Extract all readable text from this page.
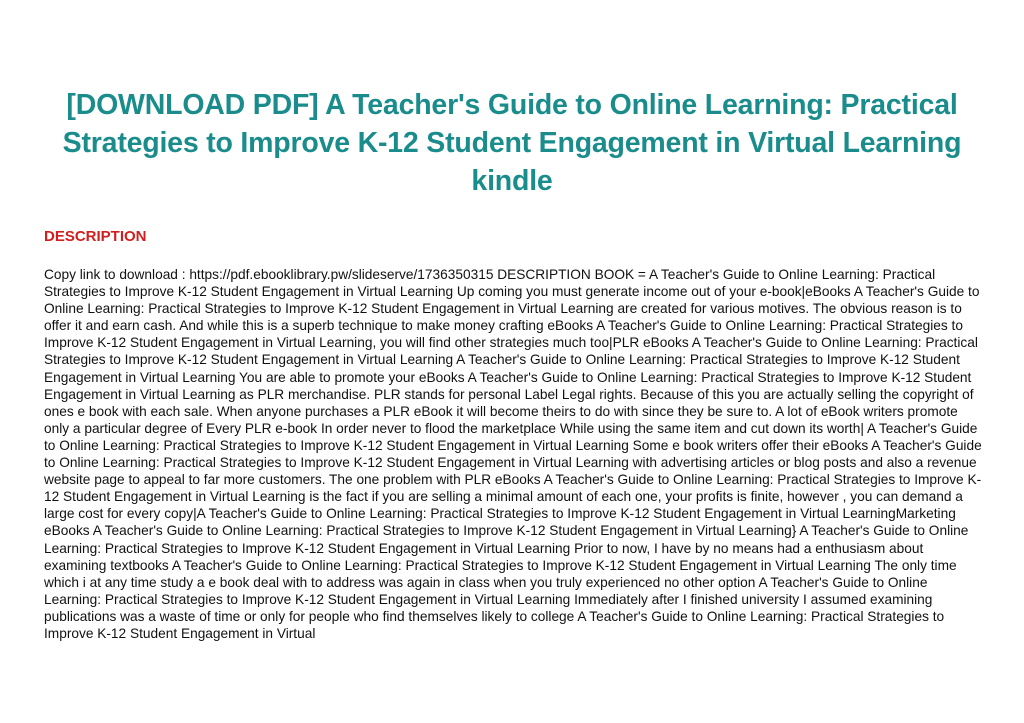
[DOWNLOAD PDF] A Teacher's Guide to Online Learning: Practical Strategies to Improve K-12 Student Engagement in Virtual Learning kindle
DESCRIPTION

Copy link to download : https://pdf.ebooklibrary.pw/slideserve/1736350315 DESCRIPTION BOOK = A Teacher's Guide to Online Learning: Practical Strategies to Improve K-12 Student Engagement in Virtual Learning Up coming you must generate income out of your e-book|eBooks A Teacher's Guide to Online Learning: Practical Strategies to Improve K-12 Student Engagement in Virtual Learning are created for various motives. The obvious reason is to offer it and earn cash. And while this is a superb technique to make money crafting eBooks A Teacher's Guide to Online Learning: Practical Strategies to Improve K-12 Student Engagement in Virtual Learning, you will find other strategies much too|PLR eBooks A Teacher's Guide to Online Learning: Practical Strategies to Improve K-12 Student Engagement in Virtual Learning A Teacher's Guide to Online Learning: Practical Strategies to Improve K-12 Student Engagement in Virtual Learning You are able to promote your eBooks A Teacher's Guide to Online Learning: Practical Strategies to Improve K-12 Student Engagement in Virtual Learning as PLR merchandise. PLR stands for personal Label Legal rights. Because of this you are actually selling the copyright of ones e book with each sale. When anyone purchases a PLR eBook it will become theirs to do with since they be sure to. A lot of eBook writers promote only a particular degree of Every PLR e-book In order never to flood the marketplace While using the same item and cut down its worth| A Teacher's Guide to Online Learning: Practical Strategies to Improve K-12 Student Engagement in Virtual Learning Some e book writers offer their eBooks A Teacher's Guide to Online Learning: Practical Strategies to Improve K-12 Student Engagement in Virtual Learning with advertising articles or blog posts and also a revenue website page to appeal to far more customers. The one problem with PLR eBooks A Teacher's Guide to Online Learning: Practical Strategies to Improve K-12 Student Engagement in Virtual Learning is the fact if you are selling a minimal amount of each one, your profits is finite, however , you can demand a large cost for every copy|A Teacher's Guide to Online Learning: Practical Strategies to Improve K-12 Student Engagement in Virtual LearningMarketing eBooks A Teacher's Guide to Online Learning: Practical Strategies to Improve K-12 Student Engagement in Virtual Learning} A Teacher's Guide to Online Learning: Practical Strategies to Improve K-12 Student Engagement in Virtual Learning Prior to now, I have by no means had a enthusiasm about examining textbooks A Teacher's Guide to Online Learning: Practical Strategies to Improve K-12 Student Engagement in Virtual Learning The only time which i at any time study a e book deal with to address was again in class when you truly experienced no other option A Teacher's Guide to Online Learning: Practical Strategies to Improve K-12 Student Engagement in Virtual Learning Immediately after I finished university I assumed examining publications was a waste of time or only for people who find themselves likely to college A Teacher's Guide to Online Learning: Practical Strategies to Improve K-12 Student Engagement in Virtual
